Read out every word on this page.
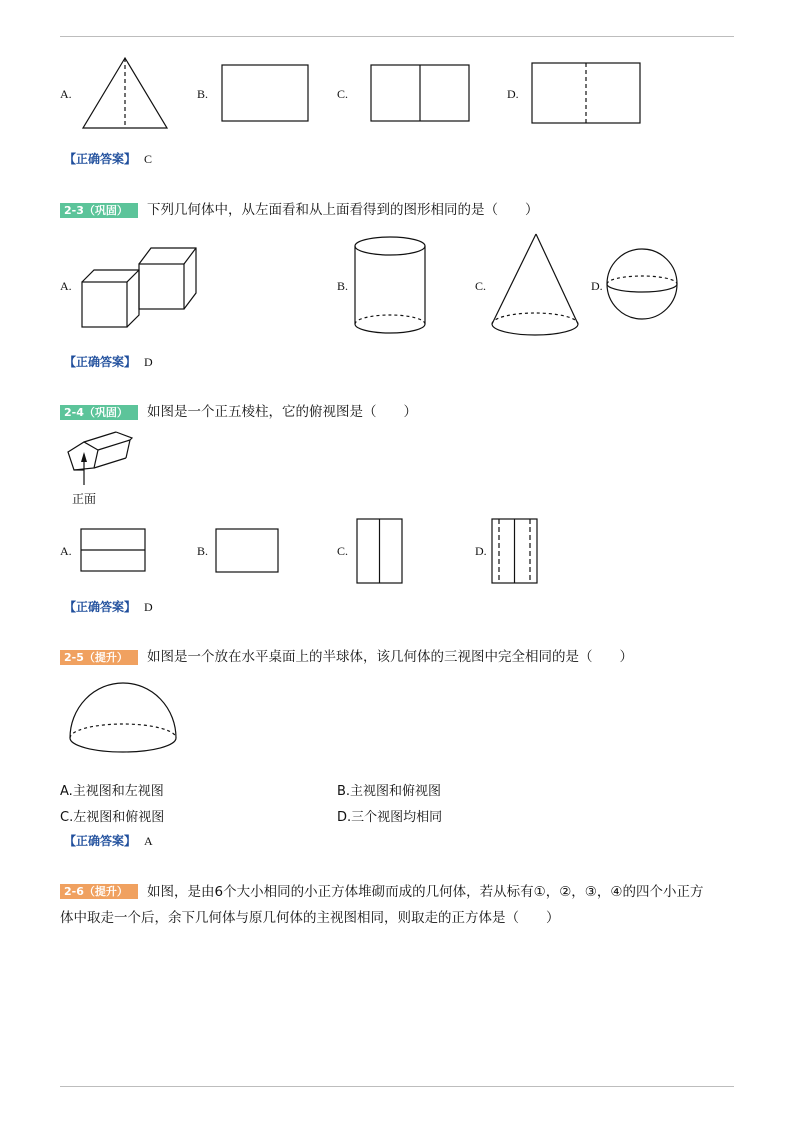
A.	B.	C.	D.
【正确答案】 C
2-3（巩固）	下列几何体中，从左面看和从上面看得到的图形相同的是（　　）
A.	B.	C.	D.
【正确答案】 D
2-4（巩固）	如图是一个正五棱柱，它的俯视图是（　　）
正面
A.	B.	C.	D.
【正确答案】 D
2-5（提升）	如图是一个放在水平桌面上的半球体，该几何体的三视图中完全相同的是（　　）
A.主视图和左视图	B.主视图和俯视图
C.左视图和俯视图	D.三个视图均相同
【正确答案】 A
2-6（提升）	如图，是由6个大小相同的小正方体堆砌而成的几何体，若从标有①，②，③，④的四个小正方
体中取走一个后，余下几何体与原几何体的主视图相同，则取走的正方体是（　　）
